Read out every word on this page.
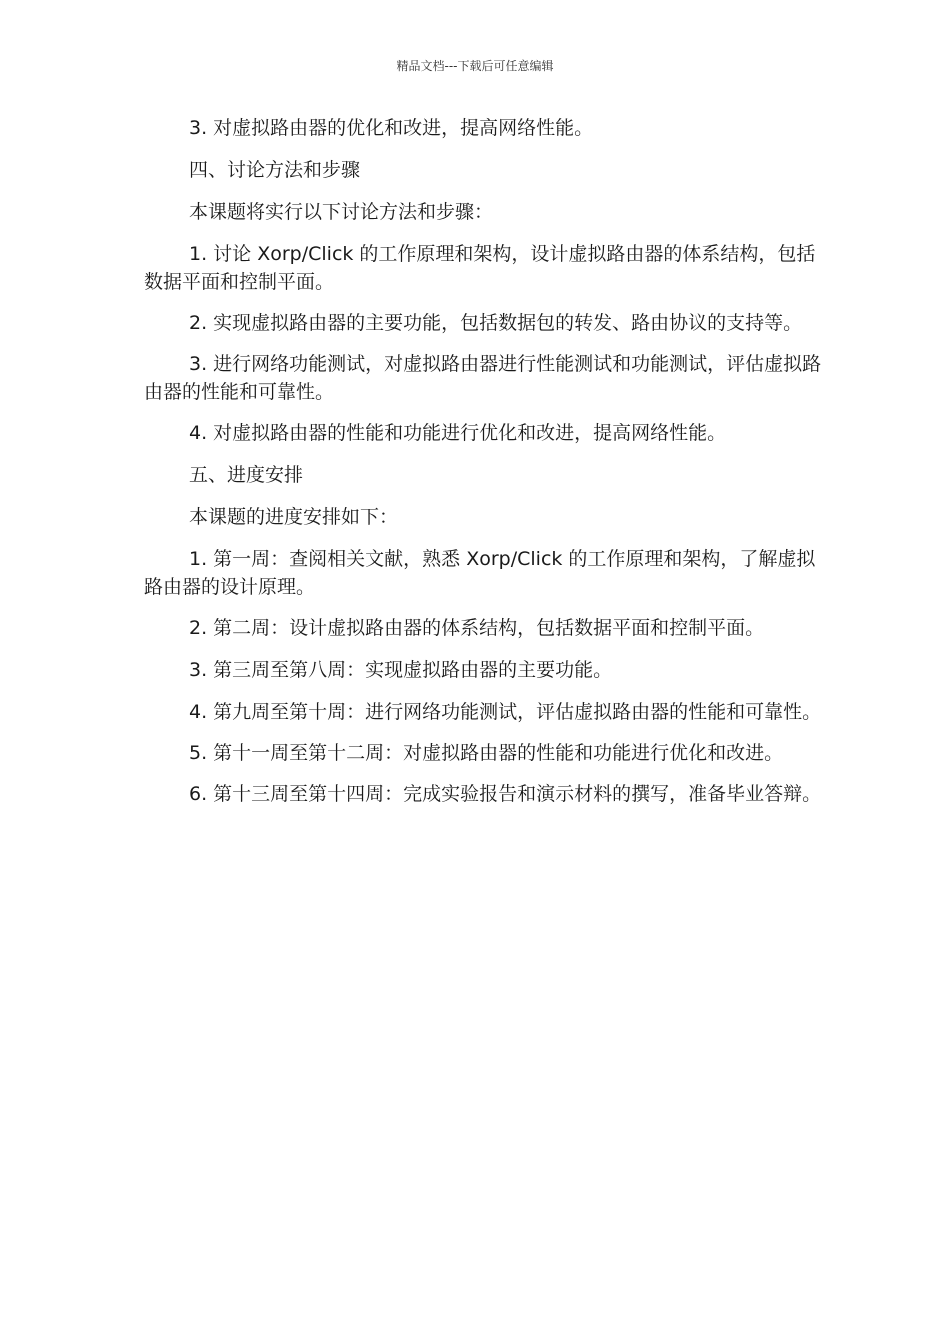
精品文档---下载后可任意编辑

3. 对虚拟路由器的优化和改进，提高网络性能。

四、讨论方法和步骤

本课题将实行以下讨论方法和步骤：

1. 讨论 Xorp/Click 的工作原理和架构，设计虚拟路由器的体系结构，包括数据平面和控制平面。

2. 实现虚拟路由器的主要功能，包括数据包的转发、路由协议的支持等。

3. 进行网络功能测试，对虚拟路由器进行性能测试和功能测试，评估虚拟路由器的性能和可靠性。

4. 对虚拟路由器的性能和功能进行优化和改进，提高网络性能。

五、进度安排

本课题的进度安排如下：

1. 第一周：查阅相关文献，熟悉 Xorp/Click 的工作原理和架构，了解虚拟路由器的设计原理。

2. 第二周：设计虚拟路由器的体系结构，包括数据平面和控制平面。

3. 第三周至第八周：实现虚拟路由器的主要功能。

4. 第九周至第十周：进行网络功能测试，评估虚拟路由器的性能和可靠性。

5. 第十一周至第十二周：对虚拟路由器的性能和功能进行优化和改进。

6. 第十三周至第十四周：完成实验报告和演示材料的撰写，准备毕业答辩。
